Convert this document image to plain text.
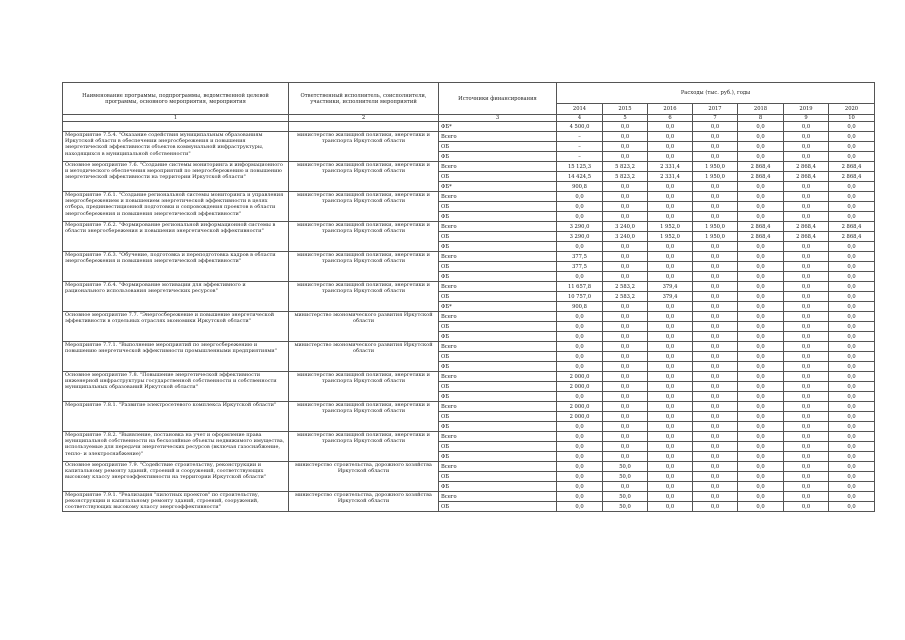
Наименование программы, подпрограммы, ведомственной целевой программы, основного мероприятия, мероприятия	Ответственный исполнитель, соисполнители, участники, исполнители мероприятий	Источники финансирования	Расходы (тыс. руб.), годы						
			2014	2015	2016	2017	2018	2019	2020
1	2	3	4	5	6	7	8	9	10
		ФБ*	4 500,0	0,0	0,0	0,0	0,0	0,0	0,0
Мероприятие 7.5.4. "Оказание содействия муниципальным образованиям Иркутской области в обеспечении энергосбережения и повышения энергетической эффективности объектов коммунальной инфраструктуры, находящихся в муниципальной собственности"	министерство жилищной политики, энергетики и транспорта Иркутской области	Всего	–	0,0	0,0	0,0	0,0	0,0	0,0
		ОБ	–	0,0	0,0	0,0	0,0	0,0	0,0
		ФБ	–	0,0	0,0	0,0	0,0	0,0	0,0
Основное мероприятие 7.6. "Создание системы мониторинга и информационного и методического обеспечения мероприятий по энергосбережению и повышению энергетической эффективности на территории Иркутской области"	министерство жилищной политики, энергетики и транспорта Иркутской области	Всего	15 125,3	5 823,2	2 331,4	1 950,0	2 868,4	2 868,4	2 868,4
		ОБ	14 424,5	5 823,2	2 331,4	1 950,0	2 868,4	2 868,4	2 868,4
		ФБ*	900,8	0,0	0,0	0,0	0,0	0,0	0,0
Мероприятие 7.6.1. "Создание региональной системы мониторинга и управления энергосбережением и повышением энергетической эффективности в целях отбора, прединвестиционной подготовки и сопровождения проектов в области энергосбережения и повышения энергетической эффективности"	министерство жилищной политики, энергетики и транспорта Иркутской области	Всего	0,0	0,0	0,0	0,0	0,0	0,0	0,0
		ОБ	0,0	0,0	0,0	0,0	0,0	0,0	0,0
		ФБ	0,0	0,0	0,0	0,0	0,0	0,0	0,0
Мероприятие 7.6.2. "Формирование региональной информационной системы в области энергосбережения и повышения энергетической эффективности"	министерство жилищной политики, энергетики и транспорта Иркутской области	Всего	3 290,0	3 240,0	1 952,0	1 950,0	2 868,4	2 868,4	2 868,4
		ОБ	3 290,0	3 240,0	1 952,0	1 950,0	2 868,4	2 868,4	2 868,4
		ФБ	0,0	0,0	0,0	0,0	0,0	0,0	0,0
Мероприятие 7.6.3. "Обучение, подготовка и переподготовка кадров в области энергосбережения и повышения энергетической эффективности"	министерство жилищной политики, энергетики и транспорта Иркутской области	Всего	377,5	0,0	0,0	0,0	0,0	0,0	0,0
		ОБ	377,5	0,0	0,0	0,0	0,0	0,0	0,0
		ФБ	0,0	0,0	0,0	0,0	0,0	0,0	0,0
Мероприятие 7.6.4. "Формирование мотивации для эффективного и рационального использования энергетических ресурсов"	министерство жилищной политики, энергетики и транспорта Иркутской области	Всего	11 657,8	2 583,2	379,4	0,0	0,0	0,0	0,0
		ОБ	10 757,0	2 583,2	379,4	0,0	0,0	0,0	0,0
		ФБ*	900,8	0,0	0,0	0,0	0,0	0,0	0,0
Основное мероприятие 7.7. "Энергосбережение и повышение энергетической эффективности в отдельных отраслях экономики Иркутской области"	министерство экономического развития Иркутской области	Всего	0,0	0,0	0,0	0,0	0,0	0,0	0,0
		ОБ	0,0	0,0	0,0	0,0	0,0	0,0	0,0
		ФБ	0,0	0,0	0,0	0,0	0,0	0,0	0,0
Мероприятие 7.7.1. "Выполнение мероприятий по энергосбережению и повышению энергетической эффективности промышленными предприятиями"	министерство экономического развития Иркутской области	Всего	0,0	0,0	0,0	0,0	0,0	0,0	0,0
		ОБ	0,0	0,0	0,0	0,0	0,0	0,0	0,0
		ФБ	0,0	0,0	0,0	0,0	0,0	0,0	0,0
Основное мероприятие 7.8. "Повышение энергетической эффективности инженерной инфраструктуры государственной собственности и собственности муниципальных образований Иркутской области"	министерство жилищной политики, энергетики и транспорта Иркутской области	Всего	2 000,0	0,0	0,0	0,0	0,0	0,0	0,0
		ОБ	2 000,0	0,0	0,0	0,0	0,0	0,0	0,0
		ФБ	0,0	0,0	0,0	0,0	0,0	0,0	0,0
Мероприятие 7.8.1. "Развитие электросетевого комплекса Иркутской области"	министерство жилищной политики, энергетики и транспорта Иркутской области	Всего	2 000,0	0,0	0,0	0,0	0,0	0,0	0,0
		ОБ	2 000,0	0,0	0,0	0,0	0,0	0,0	0,0
		ФБ	0,0	0,0	0,0	0,0	0,0	0,0	0,0
Мероприятие 7.8.2. "Выявление, постановка на учет и оформление права муниципальной собственности на бесхозяйные объекты недвижимого имущества, используемые для передачи энергетических ресурсов (включая газоснабжение, тепло- и электроснабжение)"	министерство жилищной политики, энергетики и транспорта Иркутской области	Всего	0,0	0,0	0,0	0,0	0,0	0,0	0,0
		ОБ	0,0	0,0	0,0	0,0	0,0	0,0	0,0
		ФБ	0,0	0,0	0,0	0,0	0,0	0,0	0,0
Основное мероприятие 7.9. "Содействие строительству, реконструкции и капитальному ремонту зданий, строений и сооружений, соответствующих высокому классу энергоэффективности на территории Иркутской области"	министерство строительства, дорожного хозяйства Иркутской области	Всего	0,0	50,0	0,0	0,0	0,0	0,0	0,0
		ОБ	0,0	50,0	0,0	0,0	0,0	0,0	0,0
		ФБ	0,0	0,0	0,0	0,0	0,0	0,0	0,0
Мероприятие 7.9.1. "Реализация "пилотных проектов" по строительству, реконструкции и капитальному ремонту зданий, строений, сооружений, соответствующих высокому классу энергоэффективности"	министерство строительства, дорожного хозяйства Иркутской области	Всего	0,0	50,0	0,0	0,0	0,0	0,0	0,0
		ОБ	0,0	50,0	0,0	0,0	0,0	0,0	0,0
